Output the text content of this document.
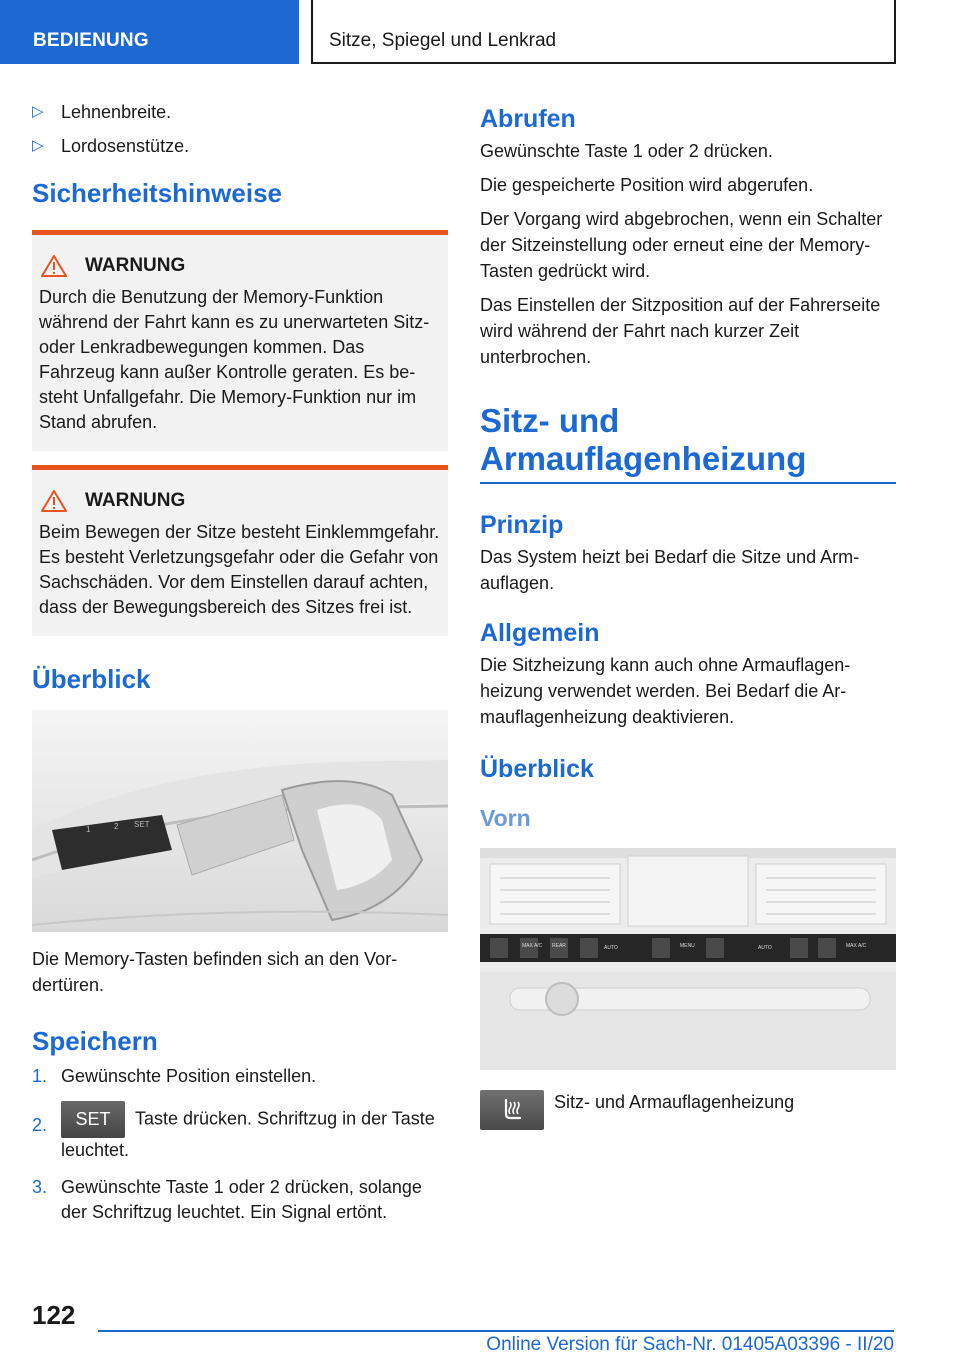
BEDIENUNG	Sitze, Spiegel und Lenkrad
▷ Lehnenbreite.
▷ Lordosenstütze.
Sicherheitshinweise
WARNUNG
Durch die Benutzung der Memory-Funktion während der Fahrt kann es zu unerwarteten Sitz- oder Lenkradbewegungen kommen. Das Fahrzeug kann außer Kontrolle geraten. Es besteht Unfallgefahr. Die Memory-Funktion nur im Stand abrufen.
WARNUNG
Beim Bewegen der Sitze besteht Einklemmgefahr. Es besteht Verletzungsgefahr oder die Gefahr von Sachschäden. Vor dem Einstellen darauf achten, dass der Bewegungsbereich des Sitzes frei ist.
Überblick
1	2 SET

Die Memory-Tasten befinden sich an den Vordertüren.

Speichern
1. Gewünschte Position einstellen.
2.	SET Taste drücken. Schriftzug in der Taste leuchtet.
3. Gewünschte Taste 1 oder 2 drücken, solange der Schriftzug leuchtet. Ein Signal ertönt.
Abrufen

Gewünschte Taste 1 oder 2 drücken.

Die gespeicherte Position wird abgerufen.

Der Vorgang wird abgebrochen, wenn ein Schalter der Sitzeinstellung oder erneut eine der Memory-Tasten gedrückt wird.

Das Einstellen der Sitzposition auf der Fahrerseite wird während der Fahrt nach kurzer Zeit unterbrochen.

Sitz- und
Armauflagenheizung
Prinzip

Das System heizt bei Bedarf die Sitze und Armauflagen.

Allgemein

Die Sitzheizung kann auch ohne Armauflagenheizung verwendet werden. Bei Bedarf die Armauflagenheizung deaktivieren.

Überblick
Vorn
MAX A/C REAR	AUTO	MENU	AUTO	MAX A/C
Sitz- und Armauflagenheizung
122
Online Version für Sach-Nr. 01405A03396 - II/20
